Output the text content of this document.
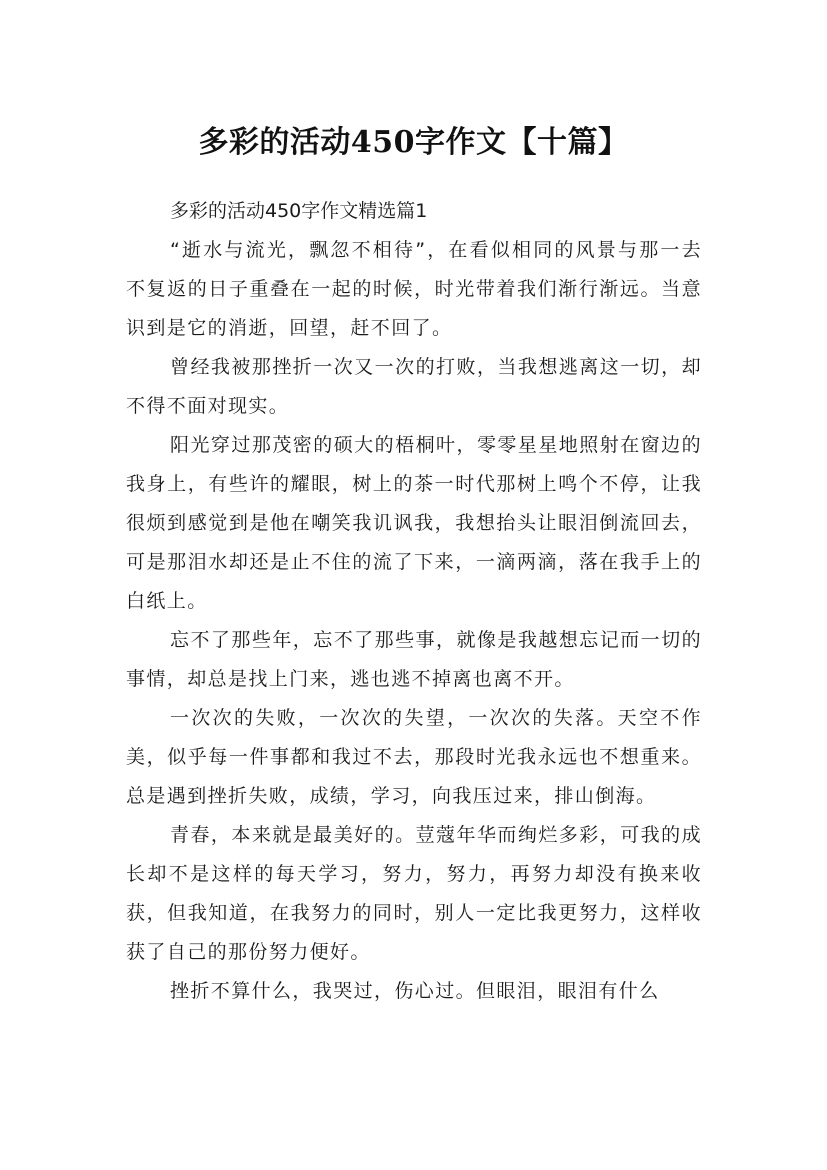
多彩的活动450字作文【十篇】

多彩的活动450字作文精选篇1

“逝水与流光，飘忽不相待”，在看似相同的风景与那一去不复返的日子重叠在一起的时候，时光带着我们渐行渐远。当意识到是它的消逝，回望，赶不回了。

曾经我被那挫折一次又一次的打败，当我想逃离这一切，却不得不面对现实。

阳光穿过那茂密的硕大的梧桐叶，零零星星地照射在窗边的我身上，有些许的耀眼，树上的茶一时代那树上鸣个不停，让我很烦到感觉到是他在嘲笑我讥讽我，我想抬头让眼泪倒流回去，可是那泪水却还是止不住的流了下来，一滴两滴，落在我手上的白纸上。

忘不了那些年，忘不了那些事，就像是我越想忘记而一切的事情，却总是找上门来，逃也逃不掉离也离不开。

一次次的失败，一次次的失望，一次次的失落。天空不作美，似乎每一件事都和我过不去，那段时光我永远也不想重来。总是遇到挫折失败，成绩，学习，向我压过来，排山倒海。

青春，本来就是最美好的。荳蔻年华而绚烂多彩，可我的成长却不是这样的每天学习，努力，努力，再努力却没有换来收获，但我知道，在我努力的同时，别人一定比我更努力，这样收获了自己的那份努力便好。

挫折不算什么，我哭过，伤心过。但眼泪，眼泪有什么
